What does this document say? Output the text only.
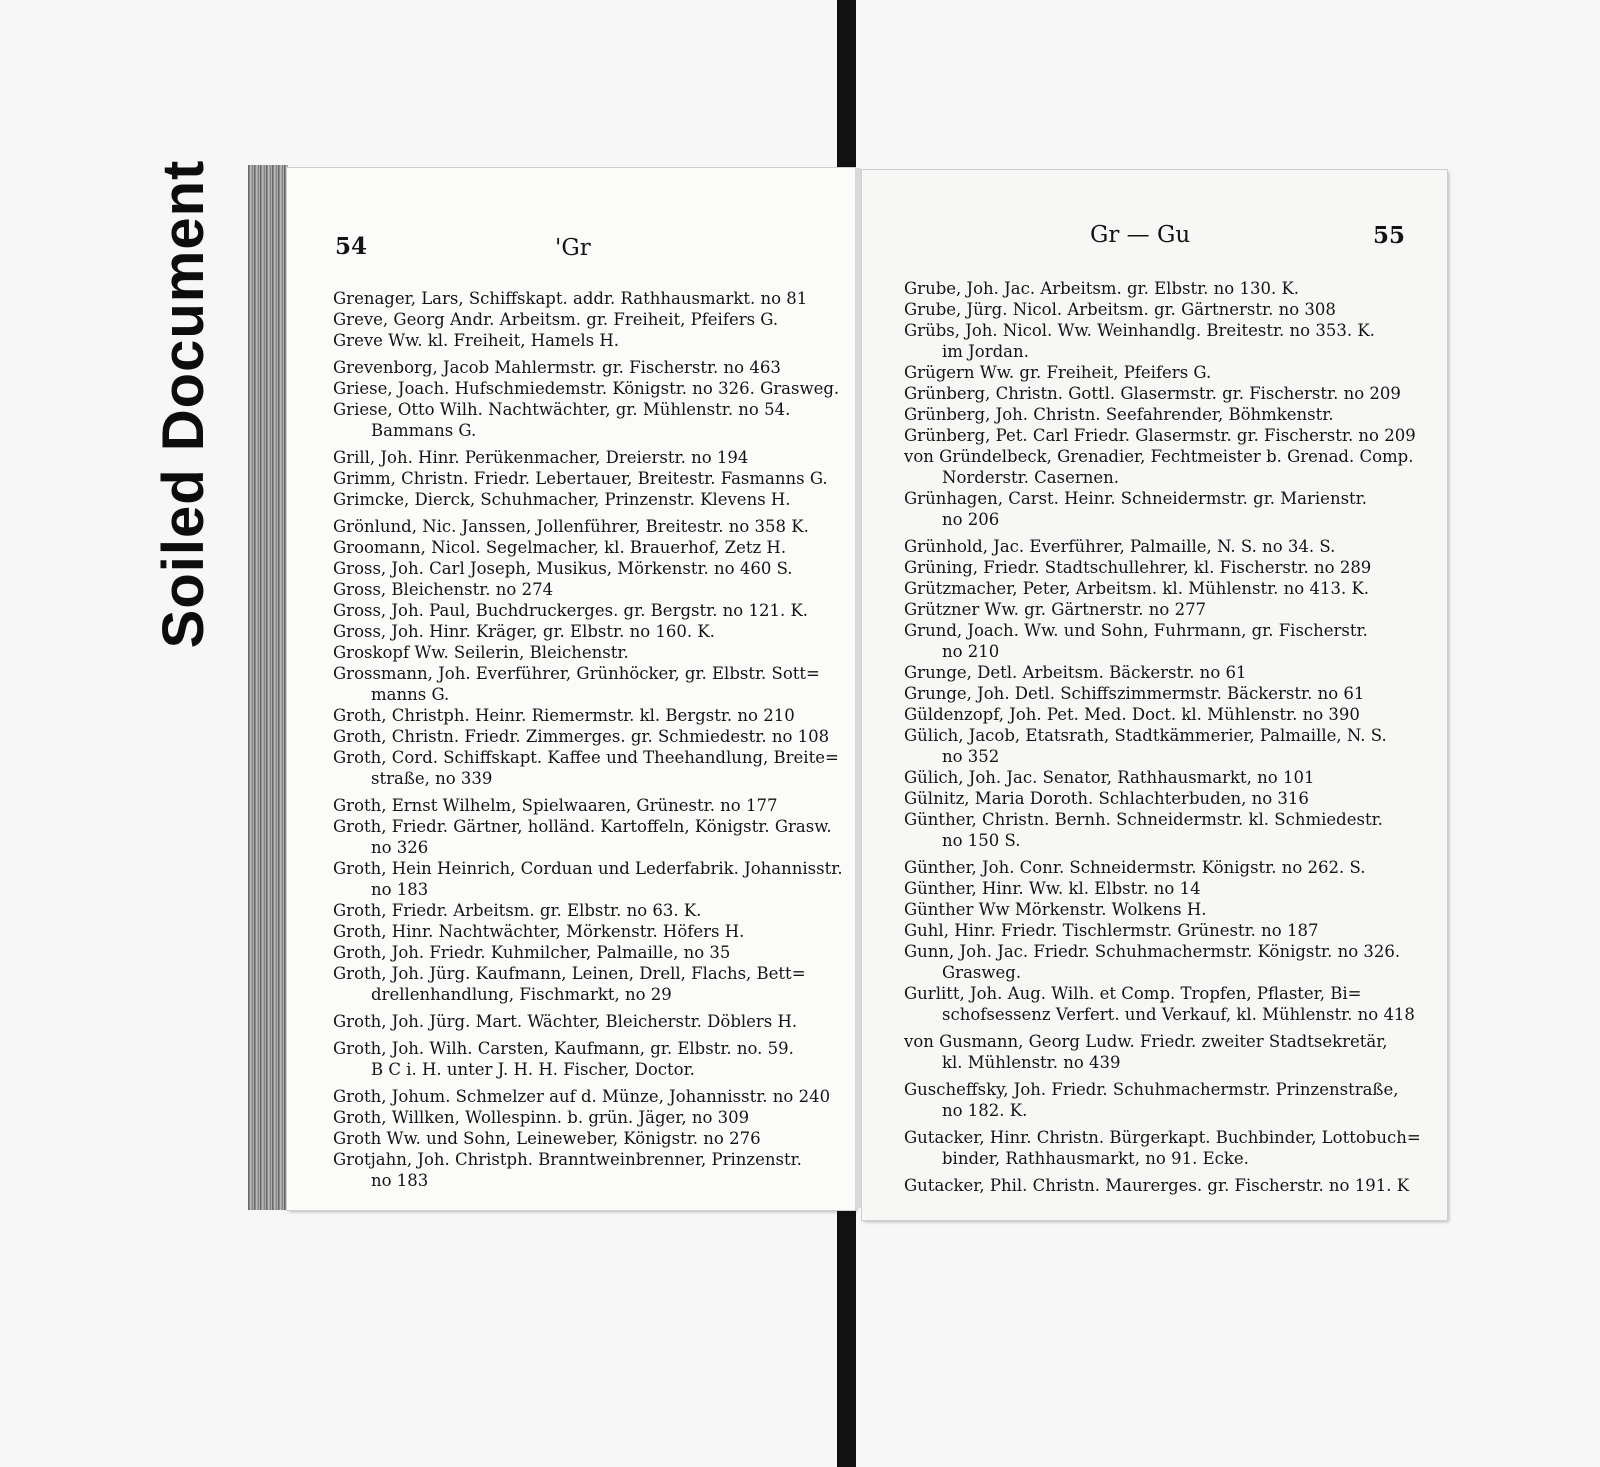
Soiled Document	54	'Gr	Gr — Gu	55

Grenager, Lars, Schiffskapt. addr. Rathhausmarkt. no 81

Greve, Georg Andr. Arbeitsm. gr. Freiheit, Pfeifers G.

Greve Ww. kl. Freiheit, Hamels H.

Grevenborg, Jacob Mahlermstr. gr. Fischerstr. no 463

Griese, Joach. Hufschmiedemstr. Königstr. no 326. Grasweg.

Griese, Otto Wilh. Nachtwächter, gr. Mühlenstr. no 54.

Bammans G.

Grill, Joh. Hinr. Perükenmacher, Dreierstr. no 194

Grimm, Christn. Friedr. Lebertauer, Breitestr. Fasmanns G.

Grimcke, Dierck, Schuhmacher, Prinzenstr. Klevens H.

Grönlund, Nic. Janssen, Jollenführer, Breitestr. no 358 K.

Groomann, Nicol. Segelmacher, kl. Brauerhof, Zetz H.

Gross, Joh. Carl Joseph, Musikus, Mörkenstr. no 460 S.

Gross, Bleichenstr. no 274

Gross, Joh. Paul, Buchdruckerges. gr. Bergstr. no 121. K.

Gross, Joh. Hinr. Kräger, gr. Elbstr. no 160. K.

Groskopf Ww. Seilerin, Bleichenstr.

Grossmann, Joh. Everführer, Grünhöcker, gr. Elbstr. Sott=

manns G.

Groth, Christph. Heinr. Riemermstr. kl. Bergstr. no 210

Groth, Christn. Friedr. Zimmerges. gr. Schmiedestr. no 108

Groth, Cord. Schiffskapt. Kaffee und Theehandlung, Breite=

straße, no 339

Groth, Ernst Wilhelm, Spielwaaren, Grünestr. no 177

Groth, Friedr. Gärtner, holländ. Kartoffeln, Königstr. Grasw.

no 326

Groth, Hein Heinrich, Corduan und Lederfabrik. Johannisstr.

no 183

Groth, Friedr. Arbeitsm. gr. Elbstr. no 63. K.

Groth, Hinr. Nachtwächter, Mörkenstr. Höfers H.

Groth, Joh. Friedr. Kuhmilcher, Palmaille, no 35

Groth, Joh. Jürg. Kaufmann, Leinen, Drell, Flachs, Bett=

drellenhandlung, Fischmarkt, no 29

Groth, Joh. Jürg. Mart. Wächter, Bleicherstr. Döblers H.

Groth, Joh. Wilh. Carsten, Kaufmann, gr. Elbstr. no. 59.

B C i. H. unter J. H. H. Fischer, Doctor.

Groth, Johum. Schmelzer auf d. Münze, Johannisstr. no 240

Groth, Willken, Wollespinn. b. grün. Jäger, no 309

Groth Ww. und Sohn, Leineweber, Königstr. no 276

Grotjahn, Joh. Christph. Branntweinbrenner, Prinzenstr.

no 183

Grube, Joh. Jac. Arbeitsm. gr. Elbstr. no 130. K.

Grube, Jürg. Nicol. Arbeitsm. gr. Gärtnerstr. no 308

Grübs, Joh. Nicol. Ww. Weinhandlg. Breitestr. no 353. K.

im Jordan.

Grügern Ww. gr. Freiheit, Pfeifers G.

Grünberg, Christn. Gottl. Glasermstr. gr. Fischerstr. no 209

Grünberg, Joh. Christn. Seefahrender, Böhmkenstr.

Grünberg, Pet. Carl Friedr. Glasermstr. gr. Fischerstr. no 209

von Gründelbeck, Grenadier, Fechtmeister b. Grenad. Comp.

Norderstr. Casernen.

Grünhagen, Carst. Heinr. Schneidermstr. gr. Marienstr.

no 206

Grünhold, Jac. Everführer, Palmaille, N. S. no 34. S.

Grüning, Friedr. Stadtschullehrer, kl. Fischerstr. no 289

Grützmacher, Peter, Arbeitsm. kl. Mühlenstr. no 413. K.

Grützner Ww. gr. Gärtnerstr. no 277

Grund, Joach. Ww. und Sohn, Fuhrmann, gr. Fischerstr.

no 210

Grunge, Detl. Arbeitsm. Bäckerstr. no 61

Grunge, Joh. Detl. Schiffszimmermstr. Bäckerstr. no 61

Güldenzopf, Joh. Pet. Med. Doct. kl. Mühlenstr. no 390

Gülich, Jacob, Etatsrath, Stadtkämmerier, Palmaille, N. S.

no 352

Gülich, Joh. Jac. Senator, Rathhausmarkt, no 101

Gülnitz, Maria Doroth. Schlachterbuden, no 316

Günther, Christn. Bernh. Schneidermstr. kl. Schmiedestr.

no 150 S.

Günther, Joh. Conr. Schneidermstr. Königstr. no 262. S.

Günther, Hinr. Ww. kl. Elbstr. no 14

Günther Ww Mörkenstr. Wolkens H.

Guhl, Hinr. Friedr. Tischlermstr. Grünestr. no 187

Gunn, Joh. Jac. Friedr. Schuhmachermstr. Königstr. no 326.

Grasweg.

Gurlitt, Joh. Aug. Wilh. et Comp. Tropfen, Pflaster, Bi=

schofsessenz Verfert. und Verkauf, kl. Mühlenstr. no 418

von Gusmann, Georg Ludw. Friedr. zweiter Stadtsekretär,

kl. Mühlenstr. no 439

Guscheffsky, Joh. Friedr. Schuhmachermstr. Prinzenstraße,

no 182. K.

Gutacker, Hinr. Christn. Bürgerkapt. Buchbinder, Lottobuch=

binder, Rathhausmarkt, no 91. Ecke.

Gutacker, Phil. Christn. Maurerges. gr. Fischerstr. no 191. K
